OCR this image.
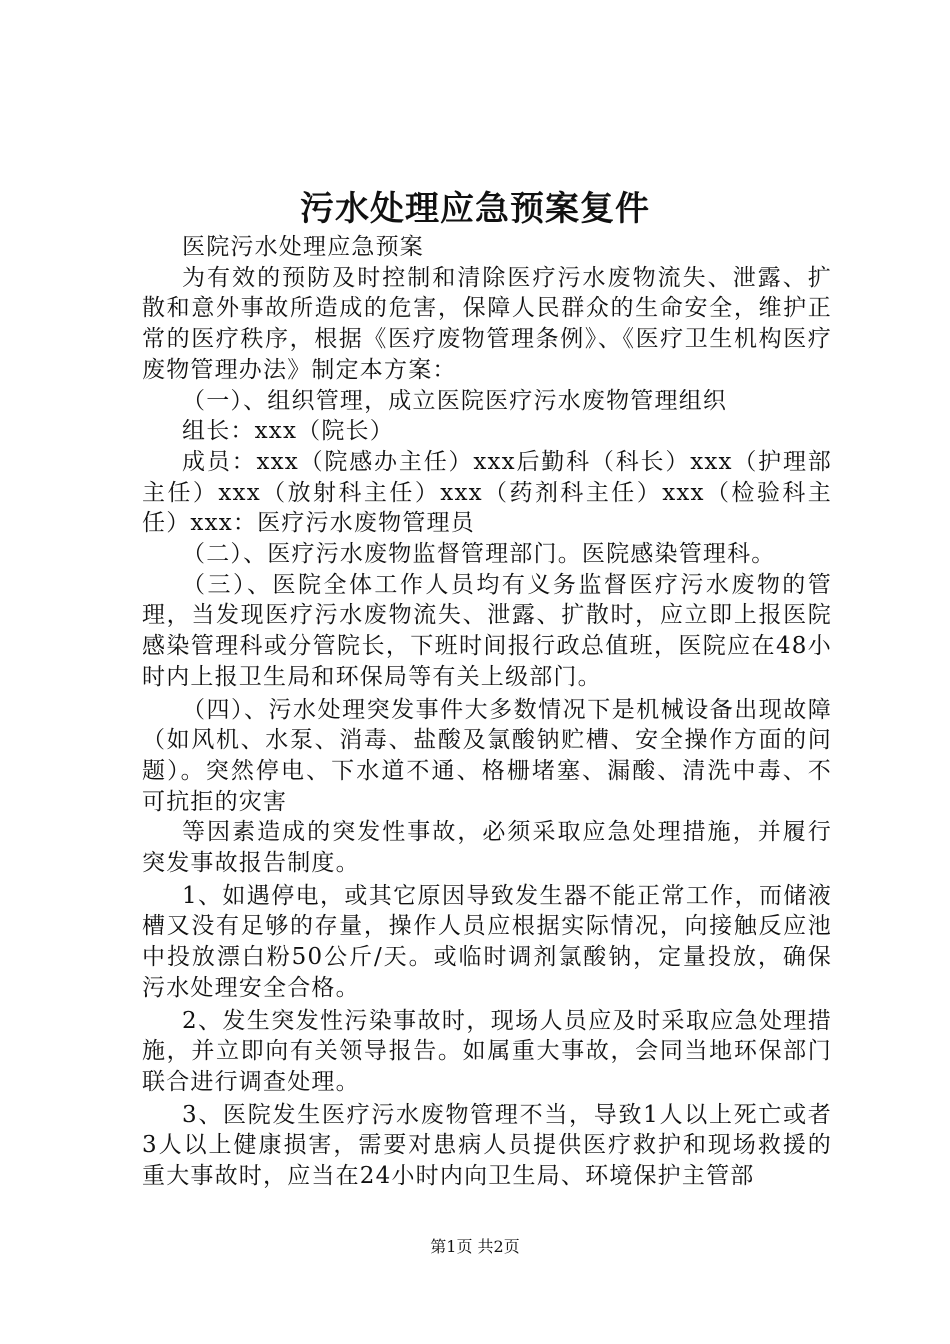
污水处理应急预案复件

医院污水处理应急预案

为有效的预防及时控制和清除医疗污水废物流失、泄露、扩散和意外事故所造成的危害，保障人民群众的生命安全，维护正常的医疗秩序，根据《医疗废物管理条例》、《医疗卫生机构医疗废物管理办法》制定本方案：

（一）、组织管理，成立医院医疗污水废物管理组织

组长：xxx（院长）

成员：xxx（院感办主任）xxx后勤科（科长）xxx（护理部主任）xxx（放射科主任）xxx（药剂科主任）xxx（检验科主任）xxx：医疗污水废物管理员

（二）、医疗污水废物监督管理部门。医院感染管理科。

（三）、医院全体工作人员均有义务监督医疗污水废物的管理，当发现医疗污水废物流失、泄露、扩散时，应立即上报医院感染管理科或分管院长，下班时间报行政总值班，医院应在48小时内上报卫生局和环保局等有关上级部门。

（四）、污水处理突发事件大多数情况下是机械设备出现故障（如风机、水泵、消毒、盐酸及氯酸钠贮槽、安全操作方面的问题）。突然停电、下水道不通、格栅堵塞、漏酸、清洗中毒、不可抗拒的灾害

等因素造成的突发性事故，必须采取应急处理措施，并履行突发事故报告制度。

1、如遇停电，或其它原因导致发生器不能正常工作，而储液槽又没有足够的存量，操作人员应根据实际情况，向接触反应池中投放漂白粉50公斤/天。或临时调剂氯酸钠，定量投放，确保污水处理安全合格。

2、发生突发性污染事故时，现场人员应及时采取应急处理措施，并立即向有关领导报告。如属重大事故，会同当地环保部门联合进行调查处理。

3、医院发生医疗污水废物管理不当，导致1人以上死亡或者3人以上健康损害，需要对患病人员提供医疗救护和现场救援的重大事故时，应当在24小时内向卫生局、环境保护主管部

第1页 共2页
